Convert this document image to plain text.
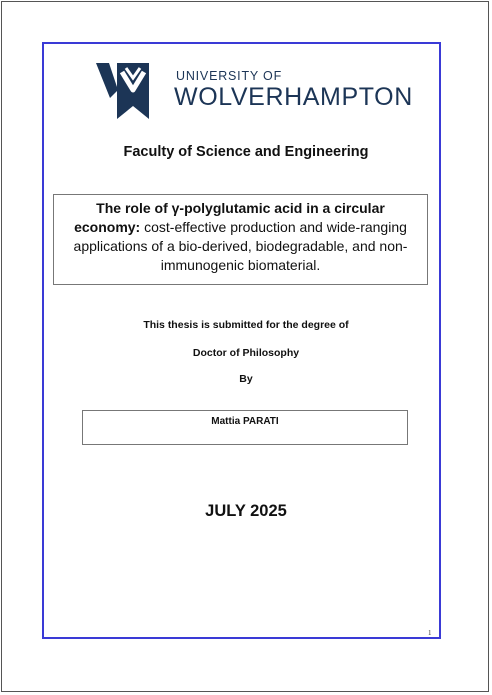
UNIVERSITY OF
WOLVERHAMPTON
Faculty of Science and Engineering
The role of γ-polyglutamic acid in a circular economy: cost-effective production and wide-ranging applications of a bio-derived, biodegradable, and non-immunogenic biomaterial.
This thesis is submitted for the degree of
Doctor of Philosophy
By
Mattia PARATI
JULY 2025
1
